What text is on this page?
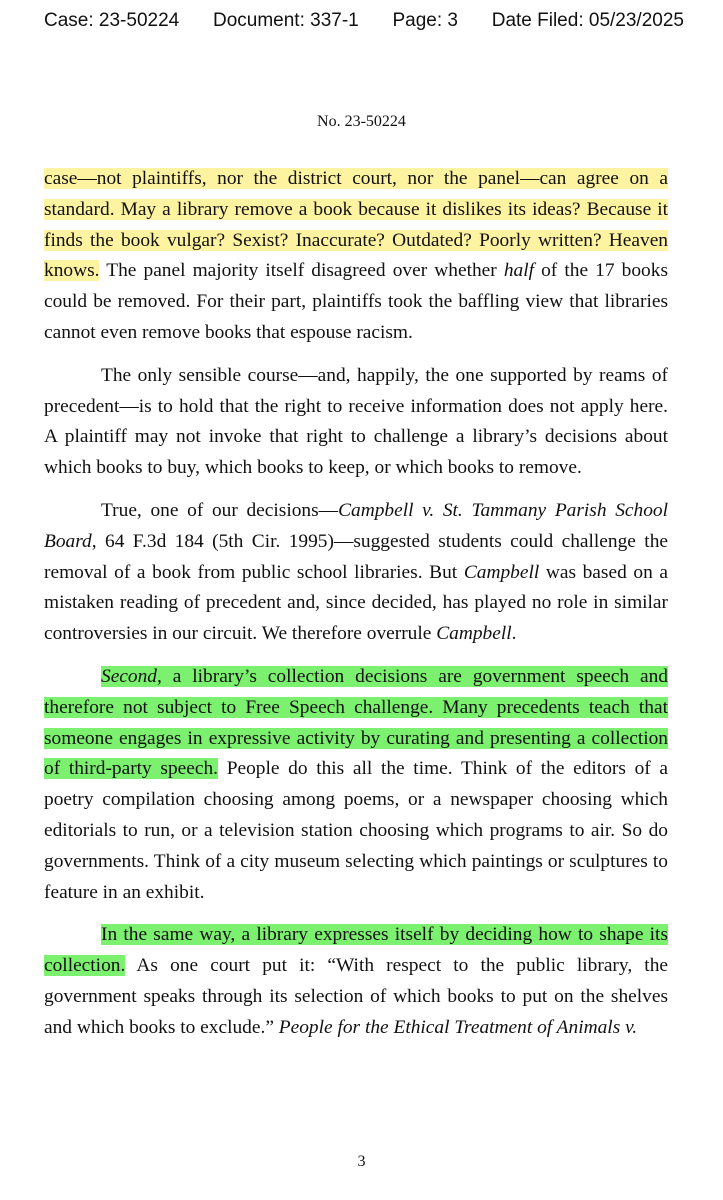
Case: 23-50224 Document: 337-1 Page: 3 Date Filed: 05/23/2025
No. 23-50224

case—not plaintiffs, nor the district court, nor the panel—can agree on a standard. May a library remove a book because it dislikes its ideas? Because it finds the book vulgar? Sexist? Inaccurate? Outdated? Poorly written? Heaven knows. The panel majority itself disagreed over whether half of the 17 books could be removed. For their part, plaintiffs took the baffling view that libraries cannot even remove books that espouse racism.

The only sensible course—and, happily, the one supported by reams of precedent—is to hold that the right to receive information does not apply here. A plaintiff may not invoke that right to challenge a library’s decisions about which books to buy, which books to keep, or which books to remove.

True, one of our decisions—Campbell v. St. Tammany Parish School Board, 64 F.3d 184 (5th Cir. 1995)—suggested students could challenge the removal of a book from public school libraries. But Campbell was based on a mistaken reading of precedent and, since decided, has played no role in similar controversies in our circuit. We therefore overrule Campbell.

Second, a library’s collection decisions are government speech and therefore not subject to Free Speech challenge. Many precedents teach that someone engages in expressive activity by curating and presenting a collection of third-party speech. People do this all the time. Think of the editors of a poetry compilation choosing among poems, or a newspaper choosing which editorials to run, or a television station choosing which programs to air. So do governments. Think of a city museum selecting which paintings or sculptures to feature in an exhibit.

In the same way, a library expresses itself by deciding how to shape its collection. As one court put it: “With respect to the public library, the government speaks through its selection of which books to put on the shelves and which books to exclude.” People for the Ethical Treatment of Animals v.

3
